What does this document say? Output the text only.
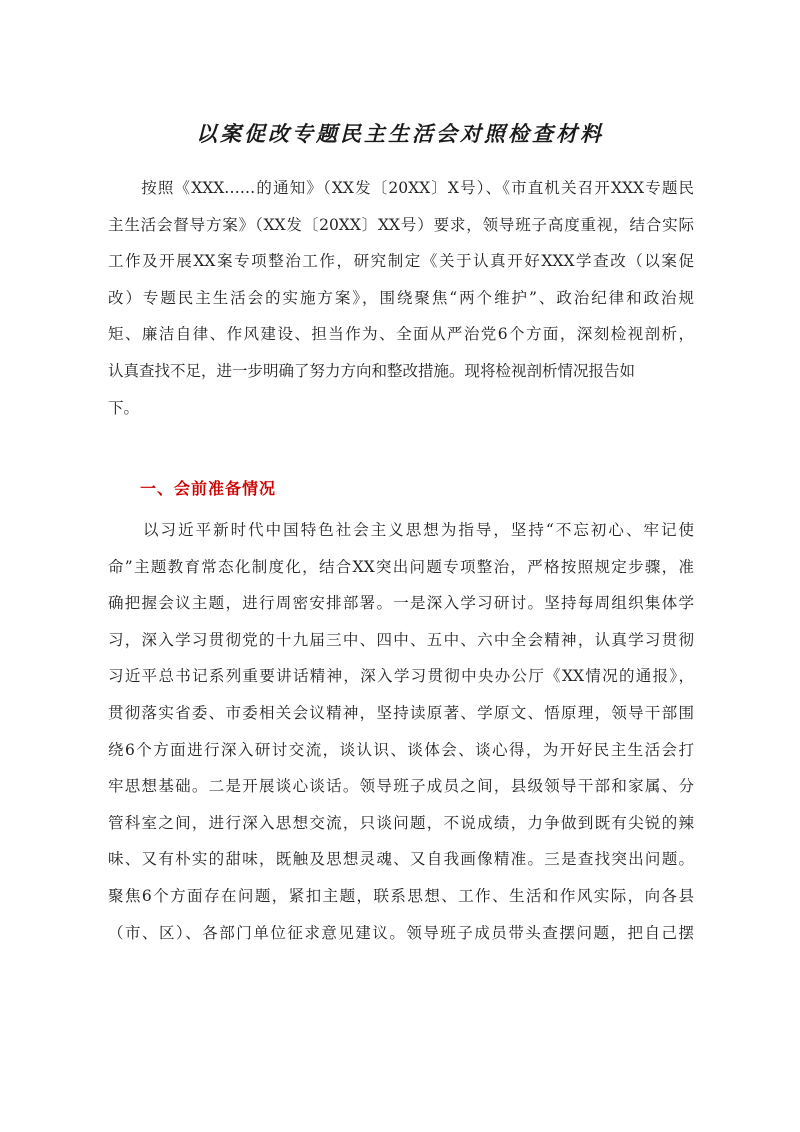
以案促改专题民主生活会对照检查材料
　　按照《XXX……的通知》（XX发〔20XX〕X号）、《市直机关召开XXX专题民
主生活会督导方案》（XX发〔20XX〕XX号）要求，领导班子高度重视，结合实际
工作及开展XX案专项整治工作，研究制定《关于认真开好XXX学查改（以案促
改）专题民主生活会的实施方案》，围绕聚焦“两个维护”、政治纪律和政治规
矩、廉洁自律、作风建设、担当作为、全面从严治党6个方面，深刻检视剖析，
认真查找不足，进一步明确了努力方向和整改措施。现将检视剖析情况报告如
下。
一、会前准备情况
　　以习近平新时代中国特色社会主义思想为指导，坚持“不忘初心、牢记使
命”主题教育常态化制度化，结合XX突出问题专项整治，严格按照规定步骤，准
确把握会议主题，进行周密安排部署。一是深入学习研讨。坚持每周组织集体学
习，深入学习贯彻党的十九届三中、四中、五中、六中全会精神，认真学习贯彻
习近平总书记系列重要讲话精神，深入学习贯彻中央办公厅《XX情况的通报》，
贯彻落实省委、市委相关会议精神，坚持读原著、学原文、悟原理，领导干部围
绕6个方面进行深入研讨交流，谈认识、谈体会、谈心得，为开好民主生活会打
牢思想基础。二是开展谈心谈话。领导班子成员之间，县级领导干部和家属、分
管科室之间，进行深入思想交流，只谈问题，不说成绩，力争做到既有尖锐的辣
味、又有朴实的甜味，既触及思想灵魂、又自我画像精准。三是查找突出问题。
聚焦6个方面存在问题，紧扣主题，联系思想、工作、生活和作风实际，向各县
（市、区）、各部门单位征求意见建议。领导班子成员带头查摆问题，把自己摆
